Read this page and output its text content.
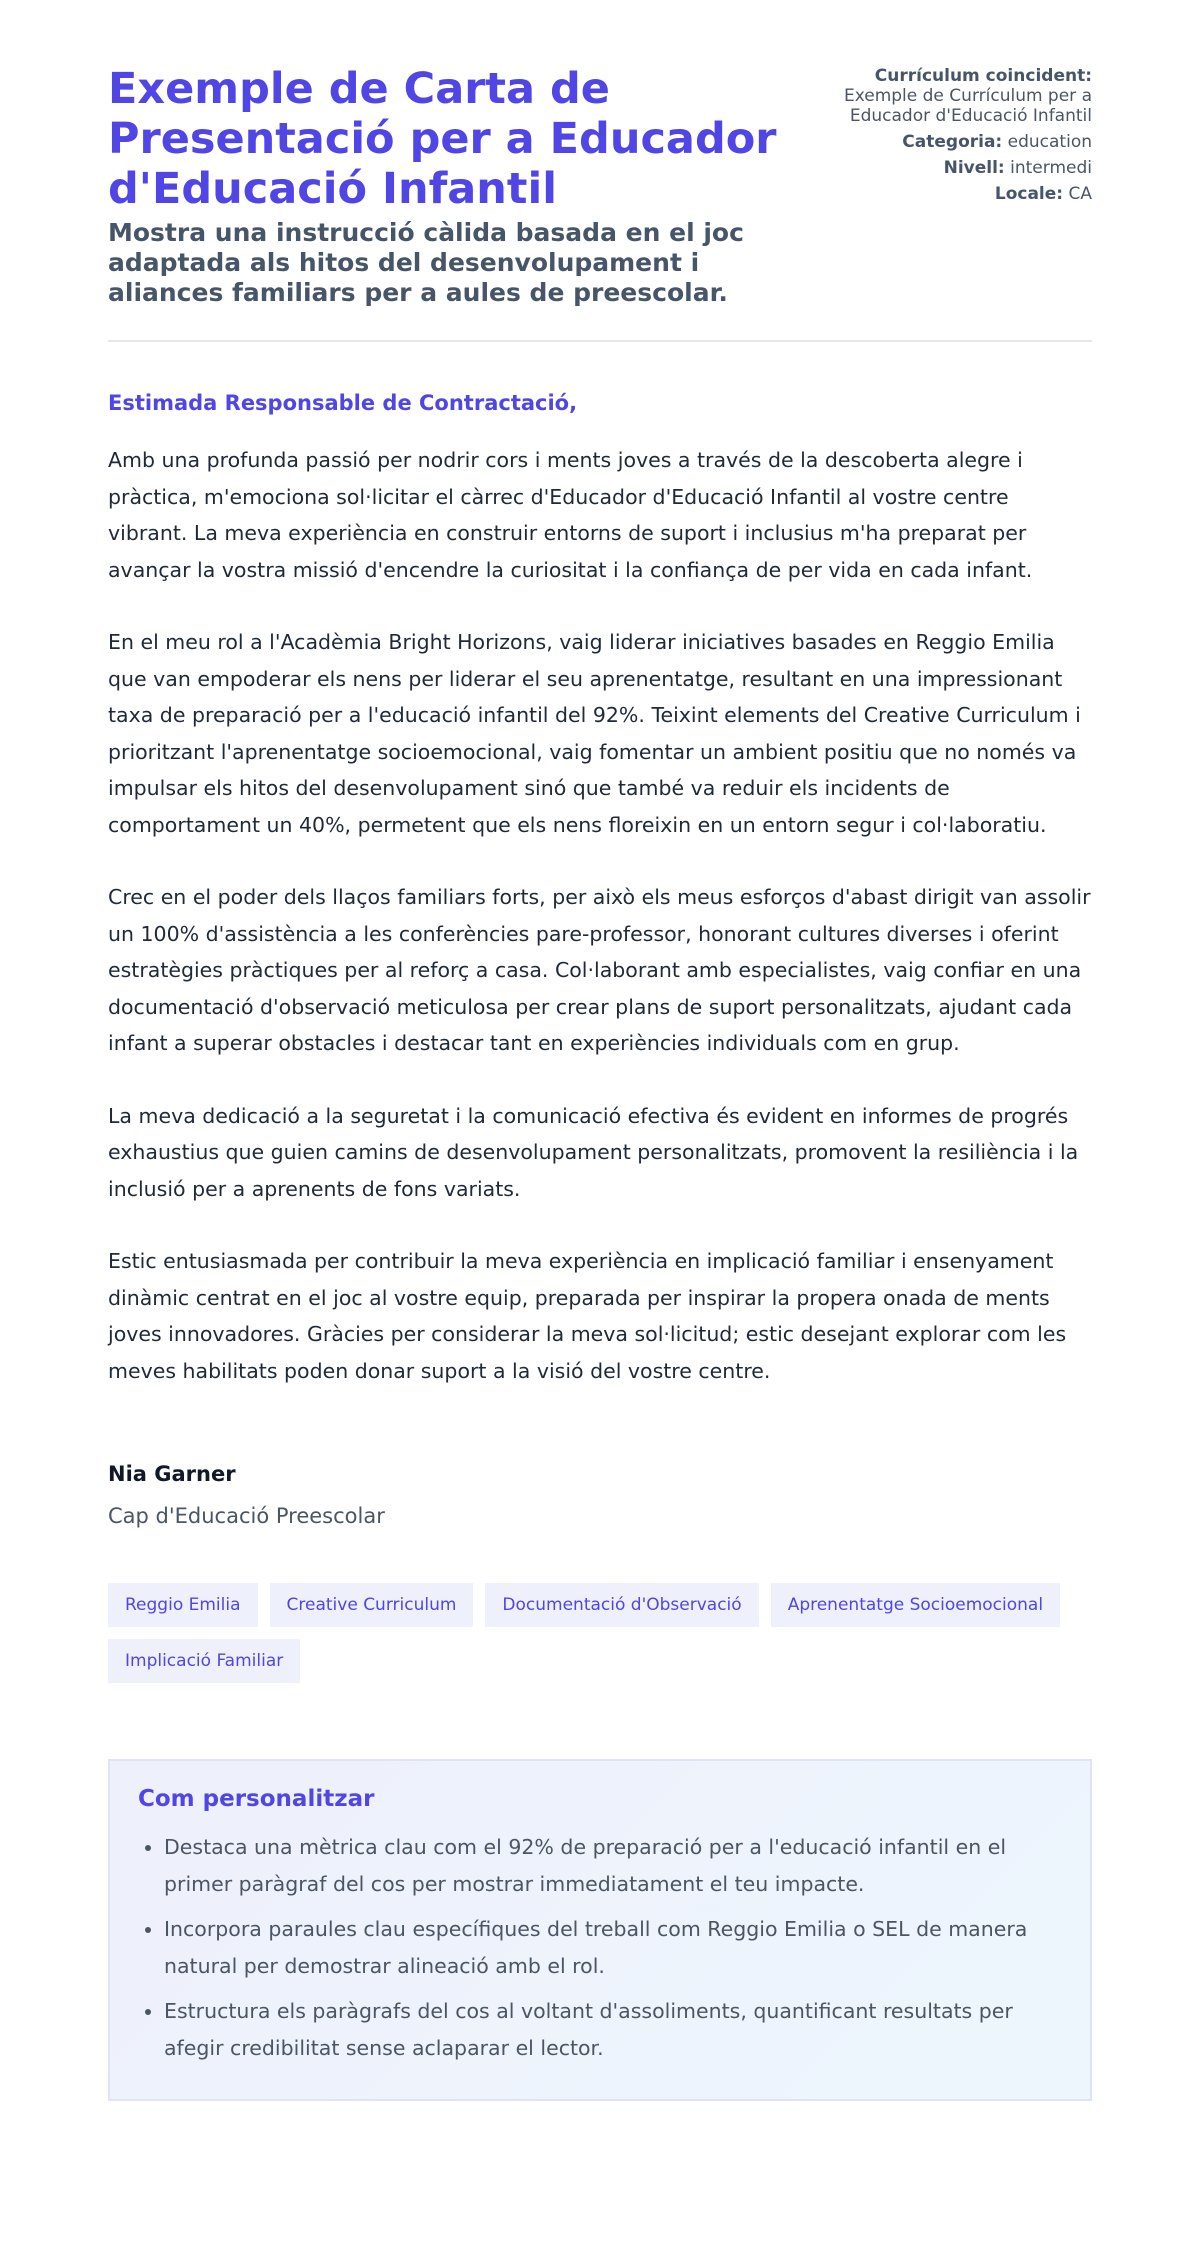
Exemple de Carta de Presentació per a Educador d'Educació Infantil

Mostra una instrucció càlida basada en el joc adaptada als hitos del desenvolupament i aliances familiars per a aules de preescolar.

Currículum coincident:
Exemple de Currículum per a Educador d'Educació Infantil
Categoria: education
Nivell: intermedi
Locale: CA

Estimada Responsable de Contractació,

Amb una profunda passió per nodrir cors i ments joves a través de la descoberta alegre i pràctica, m'emociona sol·licitar el càrrec d'Educador d'Educació Infantil al vostre centre vibrant. La meva experiència en construir entorns de suport i inclusius m'ha preparat per avançar la vostra missió d'encendre la curiositat i la confiança de per vida en cada infant.

En el meu rol a l'Acadèmia Bright Horizons, vaig liderar iniciatives basades en Reggio Emilia que van empoderar els nens per liderar el seu aprenentatge, resultant en una impressionant taxa de preparació per a l'educació infantil del 92%. Teixint elements del Creative Curriculum i prioritzant l'aprenentatge socioemocional, vaig fomentar un ambient positiu que no només va impulsar els hitos del desenvolupament sinó que també va reduir els incidents de comportament un 40%, permetent que els nens floreixin en un entorn segur i col·laboratiu.

Crec en el poder dels llaços familiars forts, per això els meus esforços d'abast dirigit van assolir un 100% d'assistència a les conferències pare-professor, honorant cultures diverses i oferint estratègies pràctiques per al reforç a casa. Col·laborant amb especialistes, vaig confiar en una documentació d'observació meticulosa per crear plans de suport personalitzats, ajudant cada infant a superar obstacles i destacar tant en experiències individuals com en grup.

La meva dedicació a la seguretat i la comunicació efectiva és evident en informes de progrés exhaustius que guien camins de desenvolupament personalitzats, promovent la resiliència i la inclusió per a aprenents de fons variats.

Estic entusiasmada per contribuir la meva experiència en implicació familiar i ensenyament dinàmic centrat en el joc al vostre equip, preparada per inspirar la propera onada de ments joves innovadores. Gràcies per considerar la meva sol·licitud; estic desejant explorar com les meves habilitats poden donar suport a la visió del vostre centre.

Nia Garner

Cap d'Educació Preescolar

Reggio Emilia	Creative Curriculum	Documentació d'Observació	Aprenentatge Socioemocional
Implicació Familiar
Com personalitzar
• Destaca una mètrica clau com el 92% de preparació per a l'educació infantil en el primer paràgraf del cos per mostrar immediatament el teu impacte.
• Incorpora paraules clau específiques del treball com Reggio Emilia o SEL de manera natural per demostrar alineació amb el rol.
• Estructura els paràgrafs del cos al voltant d'assoliments, quantificant resultats per afegir credibilitat sense aclaparar el lector.
